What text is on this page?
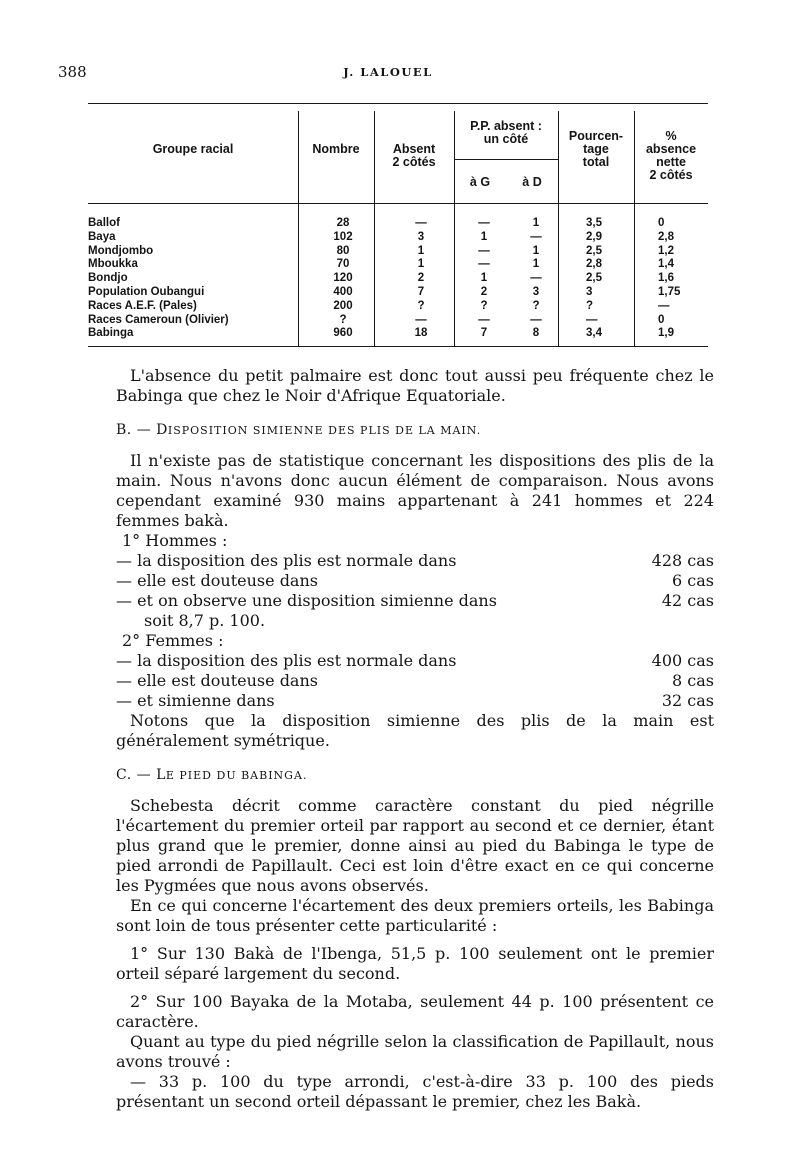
388	J. LALOUEL
Groupe racial	Nombre	Absent
2 côtés
P.P. absent :
un côté
à G	à D
Pourcen-
tage
total
%
absence
nette
2 côtés
Ballof .....	28	—	—	1	3,5	0
Baya .....	102	3	1	—	2,9	2,8
Mondjombo .....	80	1	—	1	2,5	1,2
Mboukka .....	70	1	—	1	2,8	1,4
Bondjo .....	120	2	1	—	2,5	1,6
Population Oubangui .....	400	7	2	3	3	1,75
Races A.E.F. (Pales) .....	200	?	?	?	?	—
Races Cameroun (Olivier) .....	?	—	—	—	—	0
Babinga .....	960	18	7	8	3,4	1,9

L'absence du petit palmaire est donc tout aussi peu fréquente chez le Babinga que chez le Noir d'Afrique Equatoriale.

B. — DISPOSITION SIMIENNE DES PLIS DE LA MAIN.

Il n'existe pas de statistique concernant les dispositions des plis de la main. Nous n'avons donc aucun élément de comparaison. Nous avons cependant examiné 930 mains appartenant à 241 hommes et 224 femmes bakà.

1° Hommes :

— la disposition des plis est normale dans .....	428 cas
— elle est douteuse dans .....	6 cas
— et on observe une disposition simienne dans .....	42 cas

soit 8,7 p. 100.

2° Femmes :

— la disposition des plis est normale dans .....	400 cas
— elle est douteuse dans .....	8 cas
— et simienne dans .....	32 cas

Notons que la disposition simienne des plis de la main est généralement symétrique.

C. — LE PIED DU BABINGA.

Schebesta décrit comme caractère constant du pied négrille l'écartement du premier orteil par rapport au second et ce dernier, étant plus grand que le premier, donne ainsi au pied du Babinga le type de pied arrondi de Papillault. Ceci est loin d'être exact en ce qui concerne les Pygmées que nous avons observés.

En ce qui concerne l'écartement des deux premiers orteils, les Babinga sont loin de tous présenter cette particularité :

1° Sur 130 Bakà de l'Ibenga, 51,5 p. 100 seulement ont le premier orteil séparé largement du second.

2° Sur 100 Bayaka de la Motaba, seulement 44 p. 100 présentent ce caractère.

Quant au type du pied négrille selon la classification de Papillault, nous avons trouvé :

— 33 p. 100 du type arrondi, c'est-à-dire 33 p. 100 des pieds présentant un second orteil dépassant le premier, chez les Bakà.
